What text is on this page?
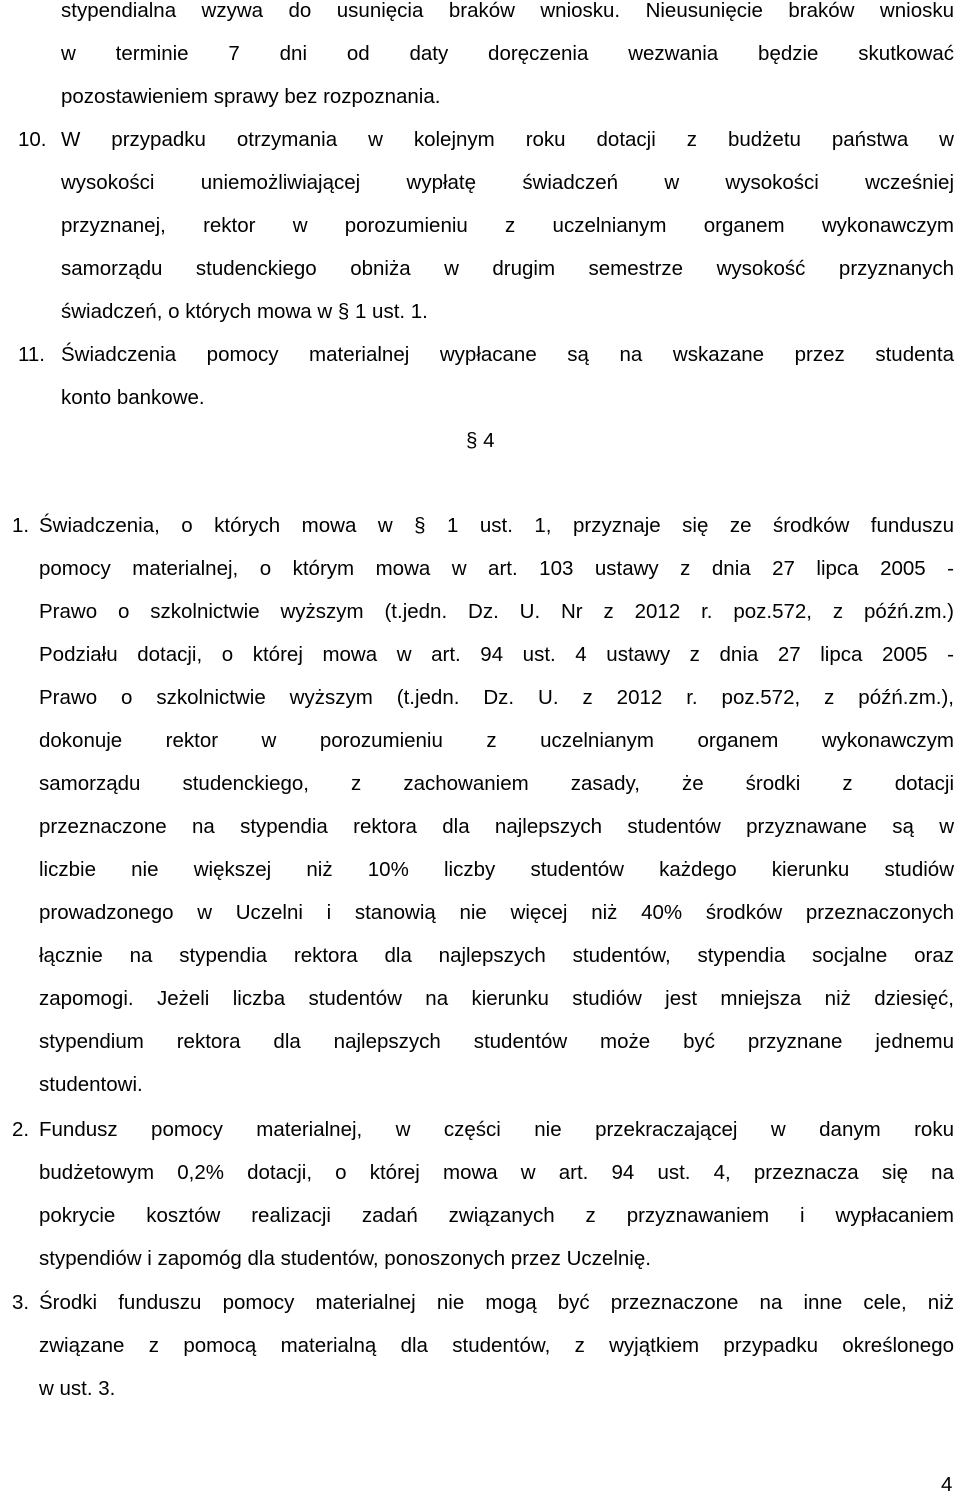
stypendialna wzywa do usunięcia braków wniosku. Nieusunięcie braków wniosku

w terminie 7 dni od daty doręczenia wezwania będzie skutkować

pozostawieniem sprawy bez rozpoznania.

10. W przypadku otrzymania w kolejnym roku dotacji z budżetu państwa w

wysokości uniemożliwiającej wypłatę świadczeń w wysokości wcześniej

przyznanej, rektor w porozumieniu z uczelnianym organem wykonawczym

samorządu studenckiego obniża w drugim semestrze wysokość przyznanych

świadczeń, o których mowa w § 1 ust. 1.

11. Świadczenia pomocy materialnej wypłacane są na wskazane przez studenta

konto bankowe.

§ 4

1. Świadczenia, o których mowa w § 1 ust. 1, przyznaje się ze środków funduszu

pomocy materialnej, o którym mowa w art. 103 ustawy z dnia 27 lipca 2005 -

Prawo o szkolnictwie wyższym (t.jedn. Dz. U. Nr z 2012 r. poz.572, z późń.zm.)

Podziału dotacji, o której mowa w art. 94 ust. 4 ustawy z dnia 27 lipca 2005 -

Prawo o szkolnictwie wyższym (t.jedn. Dz. U. z 2012 r. poz.572, z późń.zm.),

dokonuje rektor w porozumieniu z uczelnianym organem wykonawczym

samorządu studenckiego, z zachowaniem zasady, że środki z dotacji

przeznaczone na stypendia rektora dla najlepszych studentów przyznawane są w

liczbie nie większej niż 10% liczby studentów każdego kierunku studiów

prowadzonego w Uczelni i stanowią nie więcej niż 40% środków przeznaczonych

łącznie na stypendia rektora dla najlepszych studentów, stypendia socjalne oraz

zapomogi. Jeżeli liczba studentów na kierunku studiów jest mniejsza niż dziesięć,

stypendium rektora dla najlepszych studentów może być przyznane jednemu

studentowi.

2. Fundusz pomocy materialnej, w części nie przekraczającej w danym roku

budżetowym 0,2% dotacji, o której mowa w art. 94 ust. 4, przeznacza się na

pokrycie kosztów realizacji zadań związanych z przyznawaniem i wypłacaniem

stypendiów i zapomóg dla studentów, ponoszonych przez Uczelnię.

3. Środki funduszu pomocy materialnej nie mogą być przeznaczone na inne cele, niż

związane z pomocą materialną dla studentów, z wyjątkiem przypadku określonego

w ust. 3.

4
